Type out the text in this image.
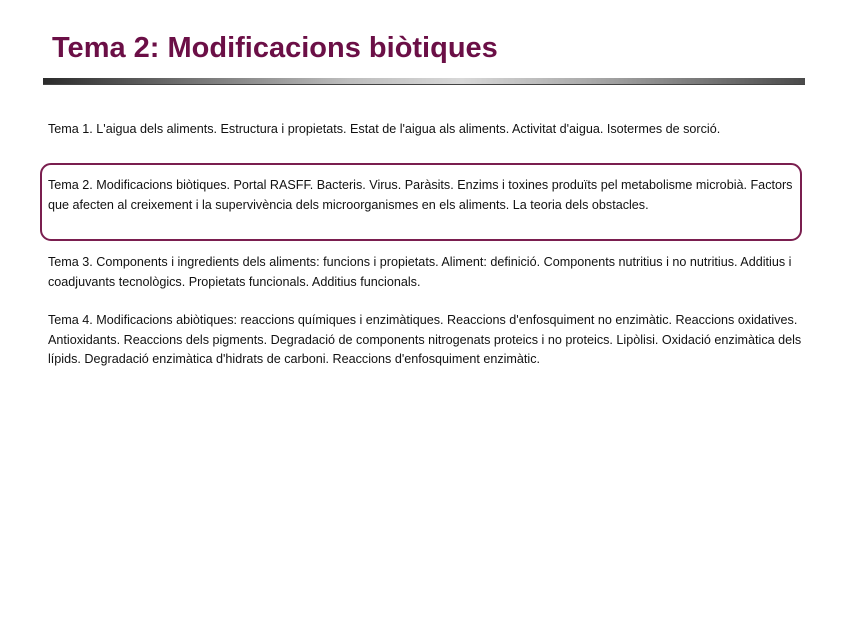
Tema 2: Modificacions biòtiques

Tema 1. L'aigua dels aliments. Estructura i propietats. Estat de l'aigua als aliments. Activitat d'aigua. Isotermes de sorció.

Tema 2. Modificacions biòtiques. Portal RASFF. Bacteris. Virus. Paràsits. Enzims i toxines produïts pel metabolisme microbià. Factors que afecten al creixement i la supervivència dels microorganismes en els aliments. La teoria dels obstacles.

Tema 3. Components i ingredients dels aliments: funcions i propietats. Aliment: definició. Components nutritius i no nutritius. Additius i coadjuvants tecnològics. Propietats funcionals. Additius funcionals.

Tema 4. Modificacions abiòtiques: reaccions químiques i enzimàtiques. Reaccions d'enfosquiment no enzimàtic. Reaccions oxidatives. Antioxidants. Reaccions dels pigments. Degradació de components nitrogenats proteics i no proteics. Lipòlisi. Oxidació enzimàtica dels lípids. Degradació enzimàtica d'hidrats de carboni. Reaccions d'enfosquiment enzimàtic.
